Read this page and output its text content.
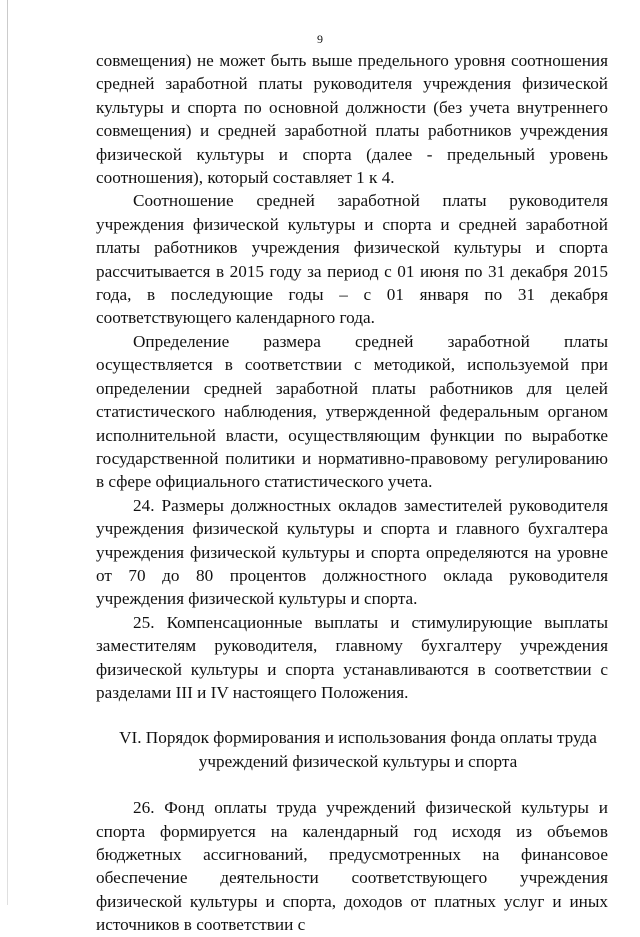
9

совмещения) не может быть выше предельного уровня соотношения средней заработной платы руководителя учреждения физической культуры и спорта по основной должности (без учета внутреннего совмещения) и средней заработной платы работников учреждения физической культуры и спорта (далее - предельный уровень соотношения), который составляет 1 к 4.

Соотношение средней заработной платы руководителя учреждения физической культуры и спорта и средней заработной платы работников учреждения физической культуры и спорта рассчитывается в 2015 году за период с 01 июня по 31 декабря 2015 года, в последующие годы – с 01 января по 31 декабря соответствующего календарного года.

Определение размера средней заработной платы осуществляется в соответствии с методикой, используемой при определении средней заработной платы работников для целей статистического наблюдения, утвержденной федеральным органом исполнительной власти, осуществляющим функции по выработке государственной политики и нормативно-правовому регулированию в сфере официального статистического учета.

24. Размеры должностных окладов заместителей руководителя учреждения физической культуры и спорта и главного бухгалтера учреждения физической культуры и спорта определяются на уровне от 70 до 80 процентов должностного оклада руководителя учреждения физической культуры и спорта.

25. Компенсационные выплаты и стимулирующие выплаты заместителям руководителя, главному бухгалтеру учреждения физической культуры и спорта устанавливаются в соответствии с разделами III и IV настоящего Положения.

VI. Порядок формирования и использования фонда оплаты труда

учреждений физической культуры и спорта

26. Фонд оплаты труда учреждений физической культуры и спорта формируется на календарный год исходя из объемов бюджетных ассигнований, предусмотренных на финансовое обеспечение деятельности соответствующего учреждения физической культуры и спорта, доходов от платных услуг и иных источников в соответствии с
